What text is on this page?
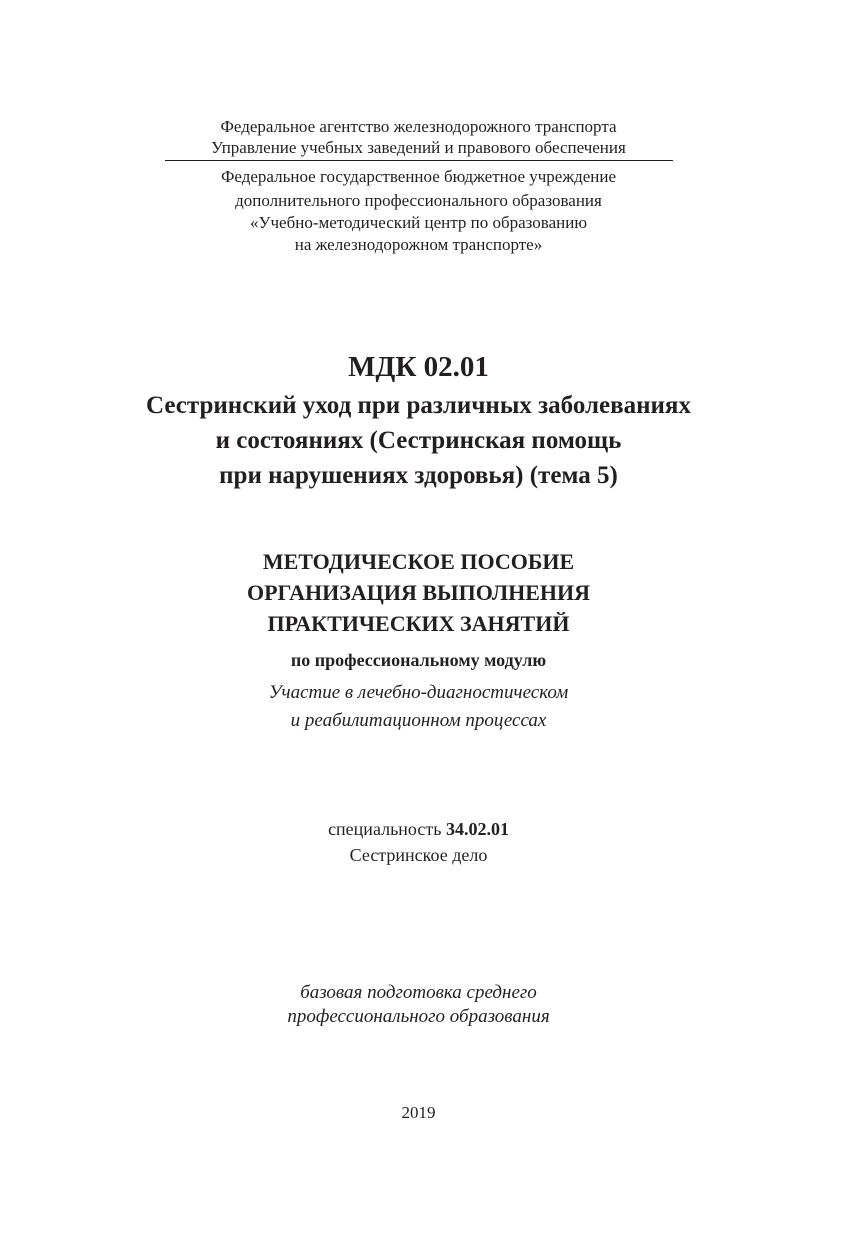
Федеральное агентство железнодорожного транспорта
Управление учебных заведений и правового обеспечения
Федеральное государственное бюджетное учреждение
дополнительного профессионального образования
«Учебно-методический центр по образованию
на железнодорожном транспорте»
МДК 02.01
Сестринский уход при различных заболеваниях
и состояниях (Сестринская помощь
при нарушениях здоровья) (тема 5)
МЕТОДИЧЕСКОЕ ПОСОБИЕ
ОРГАНИЗАЦИЯ ВЫПОЛНЕНИЯ
ПРАКТИЧЕСКИХ ЗАНЯТИЙ
по профессиональному модулю
Участие в лечебно-диагностическом
и реабилитационном процессах
специальность 34.02.01
Сестринское дело
базовая подготовка среднего
профессионального образования
2019
